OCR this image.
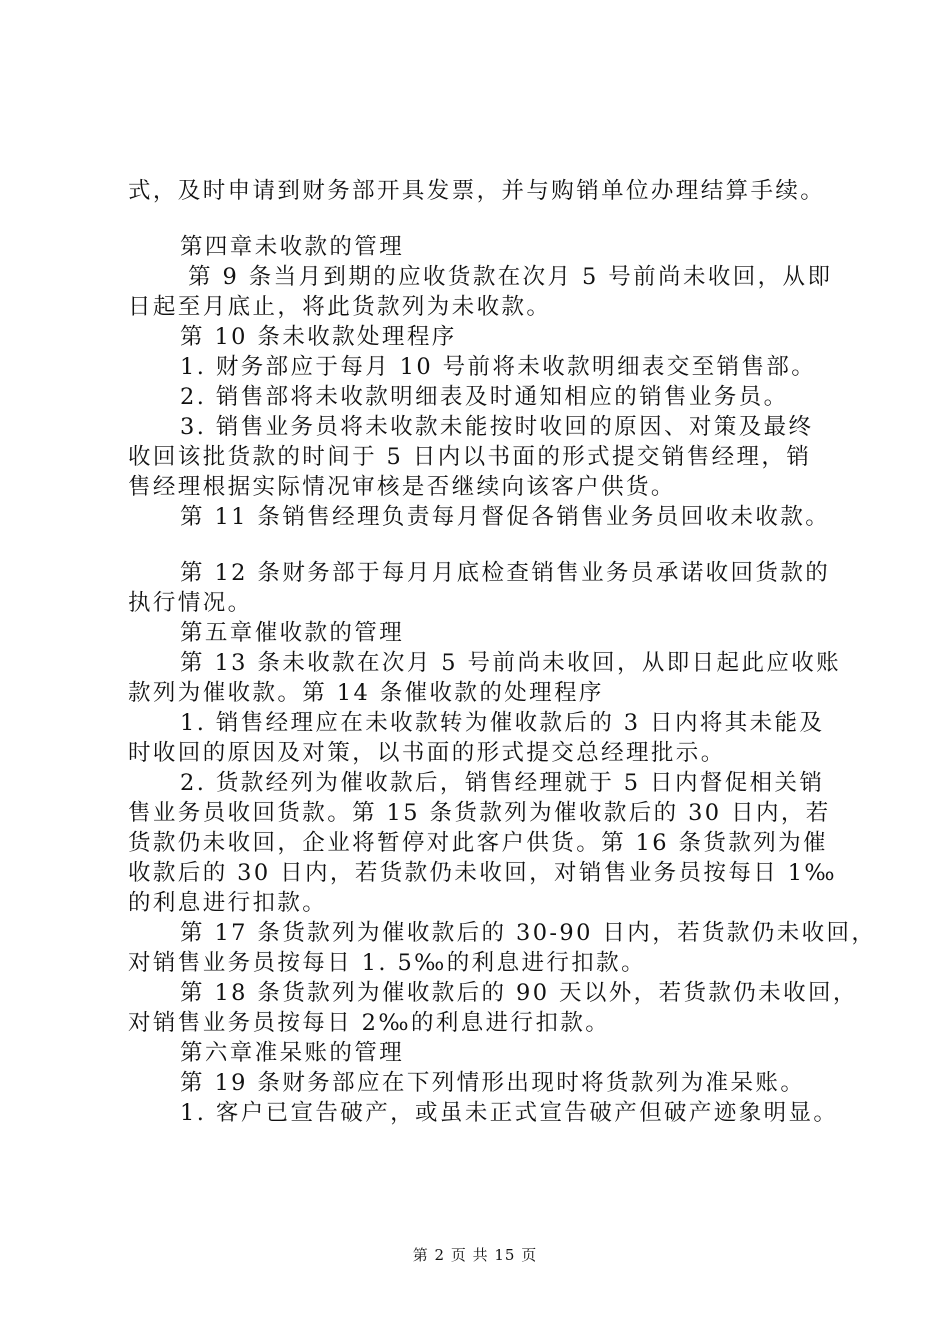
式，及时申请到财务部开具发票，并与购销单位办理结算手续。
第四章未收款的管理
第 9 条当月到期的应收货款在次月 5 号前尚未收回，从即
日起至月底止，将此货款列为未收款。
第 10 条未收款处理程序
1. 财务部应于每月 10 号前将未收款明细表交至销售部。
2. 销售部将未收款明细表及时通知相应的销售业务员。
3. 销售业务员将未收款未能按时收回的原因、对策及最终
收回该批货款的时间于 5 日内以书面的形式提交销售经理，销
售经理根据实际情况审核是否继续向该客户供货。
第 11 条销售经理负责每月督促各销售业务员回收未收款。
第 12 条财务部于每月月底检查销售业务员承诺收回货款的
执行情况。
第五章催收款的管理
第 13 条未收款在次月 5 号前尚未收回，从即日起此应收账
款列为催收款。第 14 条催收款的处理程序
1. 销售经理应在未收款转为催收款后的 3 日内将其未能及
时收回的原因及对策，以书面的形式提交总经理批示。
2. 货款经列为催收款后，销售经理就于 5 日内督促相关销
售业务员收回货款。第 15 条货款列为催收款后的 30 日内，若
货款仍未收回，企业将暂停对此客户供货。第 16 条货款列为催
收款后的 30 日内，若货款仍未收回，对销售业务员按每日 1‰
的利息进行扣款。
第 17 条货款列为催收款后的 30-90 日内，若货款仍未收回，
对销售业务员按每日 1. 5‰的利息进行扣款。
第 18 条货款列为催收款后的 90 天以外，若货款仍未收回，
对销售业务员按每日 2‰的利息进行扣款。
第六章准呆账的管理
第 19 条财务部应在下列情形出现时将货款列为准呆账。
1. 客户已宣告破产，或虽未正式宣告破产但破产迹象明显。
第 2 页 共 15 页
